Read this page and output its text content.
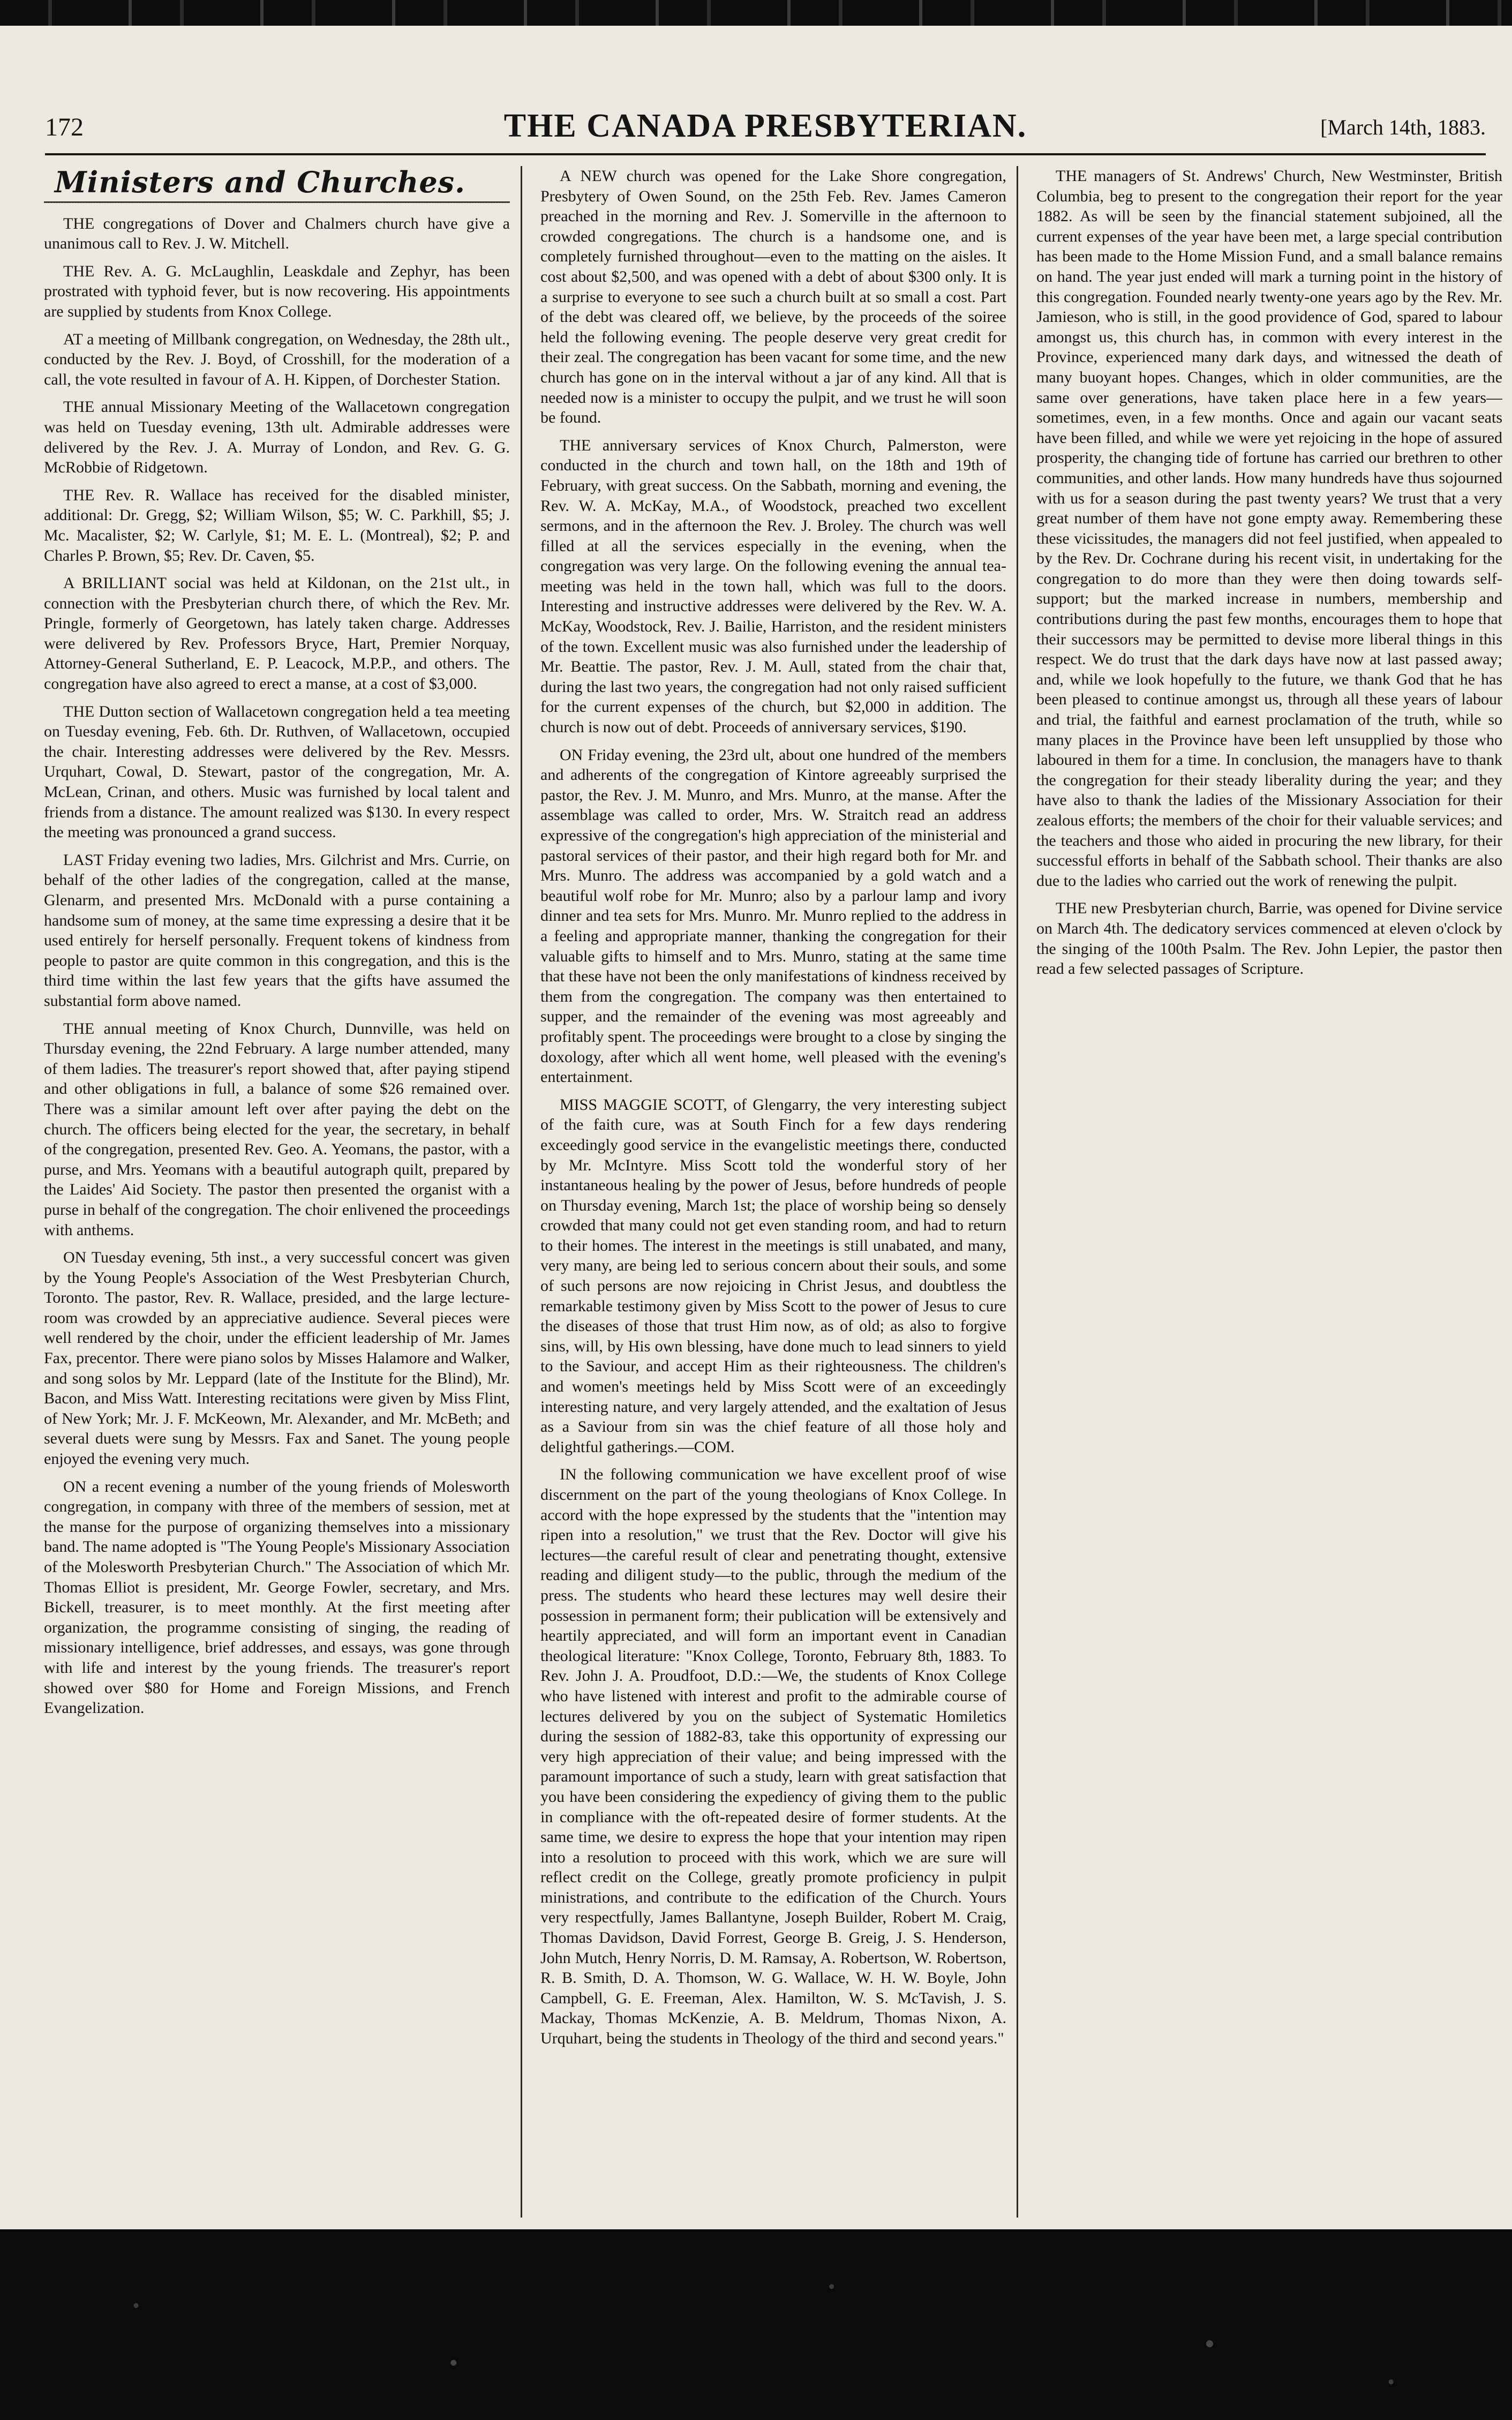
172	THE CANADA PRESBYTERIAN.	[March 14th, 1883.
Ministers and Churches.

THE congregations of Dover and Chalmers church have give a unanimous call to Rev. J. W. Mitchell.

THE Rev. A. G. McLaughlin, Leaskdale and Zephyr, has been prostrated with typhoid fever, but is now recovering. His appointments are supplied by students from Knox College.

AT a meeting of Millbank congregation, on Wednesday, the 28th ult., conducted by the Rev. J. Boyd, of Crosshill, for the moderation of a call, the vote resulted in favour of A. H. Kippen, of Dorchester Station.

THE annual Missionary Meeting of the Wallacetown congregation was held on Tuesday evening, 13th ult. Admirable addresses were delivered by the Rev. J. A. Murray of London, and Rev. G. G. McRobbie of Ridgetown.

THE Rev. R. Wallace has received for the disabled minister, additional: Dr. Gregg, $2; William Wilson, $5; W. C. Parkhill, $5; J. Mc. Macalister, $2; W. Carlyle, $1; M. E. L. (Montreal), $2; P. and Charles P. Brown, $5; Rev. Dr. Caven, $5.

A BRILLIANT social was held at Kildonan, on the 21st ult., in connection with the Presbyterian church there, of which the Rev. Mr. Pringle, formerly of Georgetown, has lately taken charge. Addresses were delivered by Rev. Professors Bryce, Hart, Premier Norquay, Attorney-General Sutherland, E. P. Leacock, M.P.P., and others. The congregation have also agreed to erect a manse, at a cost of $3,000.

THE Dutton section of Wallacetown congregation held a tea meeting on Tuesday evening, Feb. 6th. Dr. Ruthven, of Wallacetown, occupied the chair. Interesting addresses were delivered by the Rev. Messrs. Urquhart, Cowal, D. Stewart, pastor of the congregation, Mr. A. McLean, Crinan, and others. Music was furnished by local talent and friends from a distance. The amount realized was $130. In every respect the meeting was pronounced a grand success.

LAST Friday evening two ladies, Mrs. Gilchrist and Mrs. Currie, on behalf of the other ladies of the congregation, called at the manse, Glenarm, and presented Mrs. McDonald with a purse containing a handsome sum of money, at the same time expressing a desire that it be used entirely for herself personally. Frequent tokens of kindness from people to pastor are quite common in this congregation, and this is the third time within the last few years that the gifts have assumed the substantial form above named.

THE annual meeting of Knox Church, Dunnville, was held on Thursday evening, the 22nd February. A large number attended, many of them ladies. The treasurer's report showed that, after paying stipend and other obligations in full, a balance of some $26 remained over. There was a similar amount left over after paying the debt on the church. The officers being elected for the year, the secretary, in behalf of the congregation, presented Rev. Geo. A. Yeomans, the pastor, with a purse, and Mrs. Yeomans with a beautiful autograph quilt, prepared by the Laides' Aid Society. The pastor then presented the organist with a purse in behalf of the congregation. The choir enlivened the proceedings with anthems.

ON Tuesday evening, 5th inst., a very successful concert was given by the Young People's Association of the West Presbyterian Church, Toronto. The pastor, Rev. R. Wallace, presided, and the large lecture-room was crowded by an appreciative audience. Several pieces were well rendered by the choir, under the efficient leadership of Mr. James Fax, precentor. There were piano solos by Misses Halamore and Walker, and song solos by Mr. Leppard (late of the Institute for the Blind), Mr. Bacon, and Miss Watt. Interesting recitations were given by Miss Flint, of New York; Mr. J. F. McKeown, Mr. Alexander, and Mr. McBeth; and several duets were sung by Messrs. Fax and Sanet. The young people enjoyed the evening very much.

ON a recent evening a number of the young friends of Molesworth congregation, in company with three of the members of session, met at the manse for the purpose of organizing themselves into a missionary band. The name adopted is "The Young People's Missionary Association of the Molesworth Presbyterian Church." The Association of which Mr. Thomas Elliot is president, Mr. George Fowler, secretary, and Mrs. Bickell, treasurer, is to meet monthly. At the first meeting after organization, the programme consisting of singing, the reading of missionary intelligence, brief addresses, and essays, was gone through with life and interest by the young friends. The treasurer's report showed over $80 for Home and Foreign Missions, and French Evangelization.

A NEW church was opened for the Lake Shore congregation, Presbytery of Owen Sound, on the 25th Feb. Rev. James Cameron preached in the morning and Rev. J. Somerville in the afternoon to crowded congregations. The church is a handsome one, and is completely furnished throughout—even to the matting on the aisles. It cost about $2,500, and was opened with a debt of about $300 only. It is a surprise to everyone to see such a church built at so small a cost. Part of the debt was cleared off, we believe, by the proceeds of the soiree held the following evening. The people deserve very great credit for their zeal. The congregation has been vacant for some time, and the new church has gone on in the interval without a jar of any kind. All that is needed now is a minister to occupy the pulpit, and we trust he will soon be found.

THE anniversary services of Knox Church, Palmerston, were conducted in the church and town hall, on the 18th and 19th of February, with great success. On the Sabbath, morning and evening, the Rev. W. A. McKay, M.A., of Woodstock, preached two excellent sermons, and in the afternoon the Rev. J. Broley. The church was well filled at all the services especially in the evening, when the congregation was very large. On the following evening the annual tea-meeting was held in the town hall, which was full to the doors. Interesting and instructive addresses were delivered by the Rev. W. A. McKay, Woodstock, Rev. J. Bailie, Harriston, and the resident ministers of the town. Excellent music was also furnished under the leadership of Mr. Beattie. The pastor, Rev. J. M. Aull, stated from the chair that, during the last two years, the congregation had not only raised sufficient for the current expenses of the church, but $2,000 in addition. The church is now out of debt. Proceeds of anniversary services, $190.

ON Friday evening, the 23rd ult, about one hundred of the members and adherents of the congregation of Kintore agreeably surprised the pastor, the Rev. J. M. Munro, and Mrs. Munro, at the manse. After the assemblage was called to order, Mrs. W. Straitch read an address expressive of the congregation's high appreciation of the ministerial and pastoral services of their pastor, and their high regard both for Mr. and Mrs. Munro. The address was accompanied by a gold watch and a beautiful wolf robe for Mr. Munro; also by a parlour lamp and ivory dinner and tea sets for Mrs. Munro. Mr. Munro replied to the address in a feeling and appropriate manner, thanking the congregation for their valuable gifts to himself and to Mrs. Munro, stating at the same time that these have not been the only manifestations of kindness received by them from the congregation. The company was then entertained to supper, and the remainder of the evening was most agreeably and profitably spent. The proceedings were brought to a close by singing the doxology, after which all went home, well pleased with the evening's entertainment.

MISS MAGGIE SCOTT, of Glengarry, the very interesting subject of the faith cure, was at South Finch for a few days rendering exceedingly good service in the evangelistic meetings there, conducted by Mr. McIntyre. Miss Scott told the wonderful story of her instantaneous healing by the power of Jesus, before hundreds of people on Thursday evening, March 1st; the place of worship being so densely crowded that many could not get even standing room, and had to return to their homes. The interest in the meetings is still unabated, and many, very many, are being led to serious concern about their souls, and some of such persons are now rejoicing in Christ Jesus, and doubtless the remarkable testimony given by Miss Scott to the power of Jesus to cure the diseases of those that trust Him now, as of old; as also to forgive sins, will, by His own blessing, have done much to lead sinners to yield to the Saviour, and accept Him as their righteousness. The children's and women's meetings held by Miss Scott were of an exceedingly interesting nature, and very largely attended, and the exaltation of Jesus as a Saviour from sin was the chief feature of all those holy and delightful gatherings.—COM.

IN the following communication we have excellent proof of wise discernment on the part of the young theologians of Knox College. In accord with the hope expressed by the students that the "intention may ripen into a resolution," we trust that the Rev. Doctor will give his lectures—the careful result of clear and penetrating thought, extensive reading and diligent study—to the public, through the medium of the press. The students who heard these lectures may well desire their possession in permanent form; their publication will be extensively and heartily appreciated, and will form an important event in Canadian theological literature: "Knox College, Toronto, February 8th, 1883. To Rev. John J. A. Proudfoot, D.D.:—We, the students of Knox College who have listened with interest and profit to the admirable course of lectures delivered by you on the subject of Systematic Homiletics during the session of 1882-83, take this opportunity of expressing our very high appreciation of their value; and being impressed with the paramount importance of such a study, learn with great satisfaction that you have been considering the expediency of giving them to the public in compliance with the oft-repeated desire of former students. At the same time, we desire to express the hope that your intention may ripen into a resolution to proceed with this work, which we are sure will reflect credit on the College, greatly promote proficiency in pulpit ministrations, and contribute to the edification of the Church. Yours very respectfully, James Ballantyne, Joseph Builder, Robert M. Craig, Thomas Davidson, David Forrest, George B. Greig, J. S. Henderson, John Mutch, Henry Norris, D. M. Ramsay, A. Robertson, W. Robertson, R. B. Smith, D. A. Thomson, W. G. Wallace, W. H. W. Boyle, John Campbell, G. E. Freeman, Alex. Hamilton, W. S. McTavish, J. S. Mackay, Thomas McKenzie, A. B. Meldrum, Thomas Nixon, A. Urquhart, being the students in Theology of the third and second years."

THE managers of St. Andrews' Church, New Westminster, British Columbia, beg to present to the congregation their report for the year 1882. As will be seen by the financial statement subjoined, all the current expenses of the year have been met, a large special contribution has been made to the Home Mission Fund, and a small balance remains on hand. The year just ended will mark a turning point in the history of this congregation. Founded nearly twenty-one years ago by the Rev. Mr. Jamieson, who is still, in the good providence of God, spared to labour amongst us, this church has, in common with every interest in the Province, experienced many dark days, and witnessed the death of many buoyant hopes. Changes, which in older communities, are the same over generations, have taken place here in a few years—sometimes, even, in a few months. Once and again our vacant seats have been filled, and while we were yet rejoicing in the hope of assured prosperity, the changing tide of fortune has carried our brethren to other communities, and other lands. How many hundreds have thus sojourned with us for a season during the past twenty years? We trust that a very great number of them have not gone empty away. Remembering these these vicissitudes, the managers did not feel justified, when appealed to by the Rev. Dr. Cochrane during his recent visit, in undertaking for the congregation to do more than they were then doing towards self-support; but the marked increase in numbers, membership and contributions during the past few months, encourages them to hope that their successors may be permitted to devise more liberal things in this respect. We do trust that the dark days have now at last passed away; and, while we look hopefully to the future, we thank God that he has been pleased to continue amongst us, through all these years of labour and trial, the faithful and earnest proclamation of the truth, while so many places in the Province have been left unsupplied by those who laboured in them for a time. In conclusion, the managers have to thank the congregation for their steady liberality during the year; and they have also to thank the ladies of the Missionary Association for their zealous efforts; the members of the choir for their valuable services; and the teachers and those who aided in procuring the new library, for their successful efforts in behalf of the Sabbath school. Their thanks are also due to the ladies who carried out the work of renewing the pulpit.

THE new Presbyterian church, Barrie, was opened for Divine service on March 4th. The dedicatory services commenced at eleven o'clock by the singing of the 100th Psalm. The Rev. John Lepier, the pastor then read a few selected passages of Scripture.
